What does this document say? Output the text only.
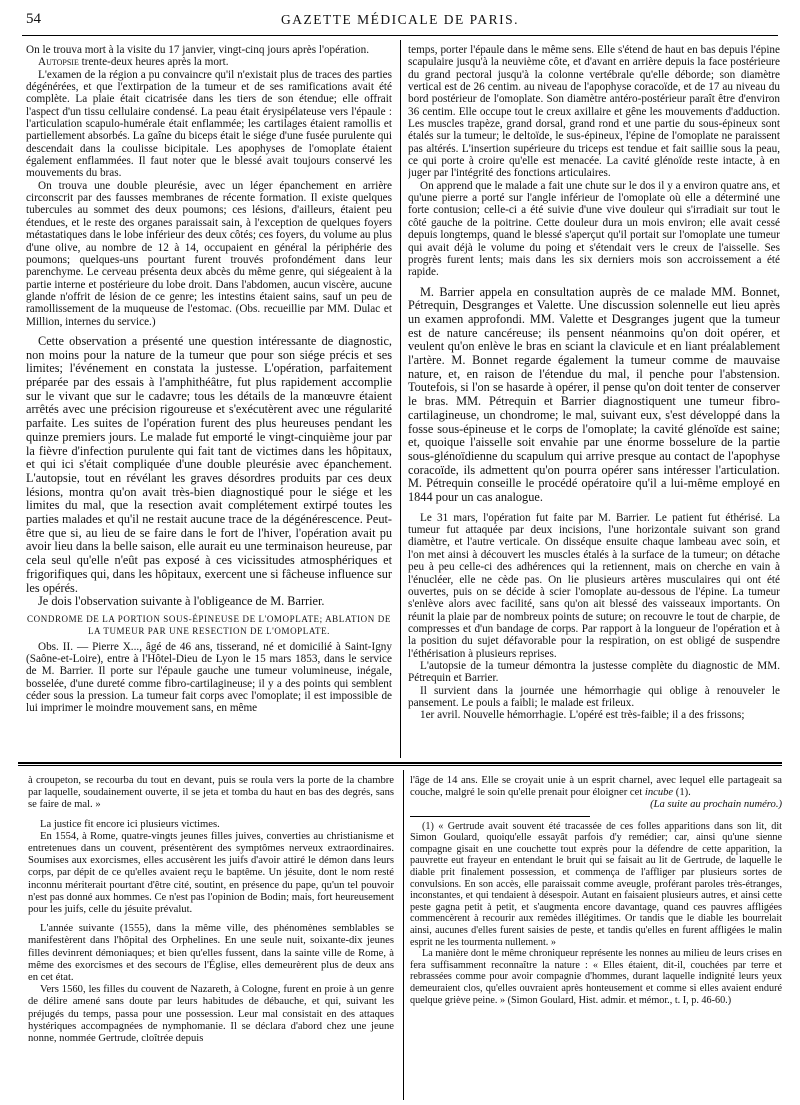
54	GAZETTE MÉDICALE DE PARIS.

On le trouva mort à la visite du 17 janvier, vingt-cinq jours après l'opération.

Autopsie trente-deux heures après la mort.

L'examen de la région a pu convaincre qu'il n'existait plus de traces des parties dégénérées, et que l'extirpation de la tumeur et de ses ramifications avait été complète. La plaie était cicatrisée dans les tiers de son étendue; elle offrait l'aspect d'un tissu cellulaire condensé. La peau était érysipélateuse vers l'épaule : l'articulation scapulo-humérale était enflammée; les cartilages étaient ramollis et partiellement absorbés. La gaîne du biceps était le siége d'une fusée purulente qui descendait dans la coulisse bicipitale. Les apophyses de l'omoplate étaient également enflammées. Il faut noter que le blessé avait toujours conservé les mouvements du bras.

On trouva une double pleurésie, avec un léger épanchement en arrière circonscrit par des fausses membranes de récente formation. Il existe quelques tubercules au sommet des deux poumons; ces lésions, d'ailleurs, étaient peu étendues, et le reste des organes paraissait sain, à l'exception de quelques foyers métastatiques dans le lobe inférieur des deux côtés; ces foyers, du volume au plus d'une olive, au nombre de 12 à 14, occupaient en général la périphérie des poumons; quelques-uns pourtant furent trouvés profondément dans leur parenchyme. Le cerveau présenta deux abcès du même genre, qui siégeaient à la partie interne et postérieure du lobe droit. Dans l'abdomen, aucun viscère, aucune glande n'offrit de lésion de ce genre; les intestins étaient sains, sauf un peu de ramollissement de la muqueuse de l'estomac. (Obs. recueillie par MM. Dulac et Million, internes du service.)

Cette observation a présenté une question intéressante de diagnostic, non moins pour la nature de la tumeur que pour son siége précis et ses limites; l'événement en constata la justesse. L'opération, parfaitement préparée par des essais à l'amphithéâtre, fut plus rapidement accomplie sur le vivant que sur le cadavre; tous les détails de la manœuvre étaient arrêtés avec une précision rigoureuse et s'exécutèrent avec une régularité parfaite. Les suites de l'opération furent des plus heureuses pendant les quinze premiers jours. Le malade fut emporté le vingt-cinquième jour par la fièvre d'infection purulente qui fait tant de victimes dans les hôpitaux, et qui ici s'était compliquée d'une double pleurésie avec épanchement. L'autopsie, tout en révélant les graves désordres produits par ces deux lésions, montra qu'on avait très-bien diagnostiqué pour le siége et les limites du mal, que la resection avait complétement extirpé toutes les parties malades et qu'il ne restait aucune trace de la dégénérescence. Peut-être que si, au lieu de se faire dans le fort de l'hiver, l'opération avait pu avoir lieu dans la belle saison, elle aurait eu une terminaison heureuse, par cela seul qu'elle n'eût pas exposé à ces vicissitudes atmosphériques et frigorifiques qui, dans les hôpitaux, exercent une si fâcheuse influence sur les opérés.

Je dois l'observation suivante à l'obligeance de M. Barrier.

CONDROME DE LA PORTION SOUS-ÉPINEUSE DE L'OMOPLATE; ABLATION DE LA TUMEUR PAR UNE RESECTION DE L'OMOPLATE.

Obs. II. — Pierre X..., âgé de 46 ans, tisserand, né et domicilié à Saint-Igny (Saône-et-Loire), entre à l'Hôtel-Dieu de Lyon le 15 mars 1853, dans le service de M. Barrier. Il porte sur l'épaule gauche une tumeur volumineuse, inégale, bosselée, d'une dureté comme fibro-cartilagineuse; il y a des points qui semblent céder sous la pression. La tumeur fait corps avec l'omoplate; il est impossible de lui imprimer le moindre mouvement sans, en même

temps, porter l'épaule dans le même sens. Elle s'étend de haut en bas depuis l'épine scapulaire jusqu'à la neuvième côte, et d'avant en arrière depuis la face postérieure du grand pectoral jusqu'à la colonne vertébrale qu'elle déborde; son diamètre vertical est de 26 centim. au niveau de l'apophyse coracoïde, et de 17 au niveau du bord postérieur de l'omoplate. Son diamètre antéro-postérieur paraît être d'environ 36 centim. Elle occupe tout le creux axillaire et gêne les mouvements d'adduction. Les muscles trapèze, grand dorsal, grand rond et une partie du sous-épineux sont étalés sur la tumeur; le deltoïde, le sus-épineux, l'épine de l'omoplate ne paraissent pas altérés. L'insertion supérieure du triceps est tendue et fait saillie sous la peau, ce qui porte à croire qu'elle est menacée. La cavité glénoïde reste intacte, à en juger par l'intégrité des fonctions articulaires.

On apprend que le malade a fait une chute sur le dos il y a environ quatre ans, et qu'une pierre a porté sur l'angle inférieur de l'omoplate où elle a déterminé une forte contusion; celle-ci a été suivie d'une vive douleur qui s'irradiait sur tout le côté gauche de la poitrine. Cette douleur dura un mois environ; elle avait cessé depuis longtemps, quand le blessé s'aperçut qu'il portait sur l'omoplate une tumeur qui avait déjà le volume du poing et s'étendait vers le creux de l'aisselle. Ses progrès furent lents; mais dans les six derniers mois son accroissement a été rapide.

M. Barrier appela en consultation auprès de ce malade MM. Bonnet, Pétrequin, Desgranges et Valette. Une discussion solennelle eut lieu après un examen approfondi. MM. Valette et Desgranges jugent que la tumeur est de nature cancéreuse; ils pensent néanmoins qu'on doit opérer, et veulent qu'on enlève le bras en sciant la clavicule et en liant préalablement l'artère. M. Bonnet regarde également la tumeur comme de mauvaise nature, et, en raison de l'étendue du mal, il penche pour l'abstension. Toutefois, si l'on se hasarde à opérer, il pense qu'on doit tenter de conserver le bras. MM. Pétrequin et Barrier diagnostiquent une tumeur fibro-cartilagineuse, un chondrome; le mal, suivant eux, s'est développé dans la fosse sous-épineuse et le corps de l'omoplate; la cavité glénoïde est saine; et, quoique l'aisselle soit envahie par une énorme bosselure de la partie sous-glénoïdienne du scapulum qui arrive presque au contact de l'apophyse coracoïde, ils admettent qu'on pourra opérer sans intéresser l'articulation. M. Pétrequin conseille le procédé opératoire qu'il a lui-même employé en 1844 pour un cas analogue.

Le 31 mars, l'opération fut faite par M. Barrier. Le patient fut éthérisé. La tumeur fut attaquée par deux incisions, l'une horizontale suivant son grand diamètre, et l'autre verticale. On disséque ensuite chaque lambeau avec soin, et l'on met ainsi à découvert les muscles étalés à la surface de la tumeur; on détache peu à peu celle-ci des adhérences qui la retiennent, mais on cherche en vain à l'énucléer, elle ne cède pas. On lie plusieurs artères musculaires qui ont été ouvertes, puis on se décide à scier l'omoplate au-dessous de l'épine. La tumeur s'enlève alors avec facilité, sans qu'on ait blessé des vaisseaux importants. On réunit la plaie par de nombreux points de suture; on recouvre le tout de charpie, de compresses et d'un bandage de corps. Par rapport à la longueur de l'opération et à la position du sujet défavorable pour la respiration, on est obligé de suspendre l'éthérisation à plusieurs reprises.

L'autopsie de la tumeur démontra la justesse complète du diagnostic de MM. Pétrequin et Barrier.

Il survient dans la journée une hémorrhagie qui oblige à renouveler le pansement. Le pouls a faibli; le malade est frileux.

1er avril. Nouvelle hémorrhagie. L'opéré est très-faible; il a des frissons;

à croupeton, se recourba du tout en devant, puis se roula vers la porte de la chambre par laquelle, soudainement ouverte, il se jeta et tomba du haut en bas des degrés, sans se faire de mal. »

La justice fit encore ici plusieurs victimes.

En 1554, à Rome, quatre-vingts jeunes filles juives, converties au christianisme et entretenues dans un couvent, présentèrent des symptômes nerveux extraordinaires. Soumises aux exorcismes, elles accusèrent les juifs d'avoir attiré le démon dans leurs corps, par dépit de ce qu'elles avaient reçu le baptême. Un jésuite, dont le nom resté inconnu mériterait pourtant d'être cité, soutint, en présence du pape, qu'un tel pouvoir n'est pas donné aux hommes. Ce n'est pas l'opinion de Bodin; mais, fort heureusement pour les juifs, celle du jésuite prévalut.

L'année suivante (1555), dans la même ville, des phénomènes semblables se manifestèrent dans l'hôpital des Orphelines. En une seule nuit, soixante-dix jeunes filles devinrent démoniaques; et bien qu'elles fussent, dans la sainte ville de Rome, à même des exorcismes et des secours de l'Église, elles demeurèrent plus de deux ans en cet état.

Vers 1560, les filles du couvent de Nazareth, à Cologne, furent en proie à un genre de délire amené sans doute par leurs habitudes de débauche, et qui, suivant les préjugés du temps, passa pour une possession. Leur mal consistait en des attaques hystériques accompagnées de nymphomanie. Il se déclara d'abord chez une jeune nonne, nommée Gertrude, cloîtrée depuis

l'âge de 14 ans. Elle se croyait unie à un esprit charnel, avec lequel elle partageait sa couche, malgré le soin qu'elle prenait pour éloigner cet incube (1).

(La suite au prochain numéro.)

(1) « Gertrude avait souvent été tracassée de ces folles apparitions dans son lit, dit Simon Goulard, quoiqu'elle essayât parfois d'y remédier; car, ainsi qu'une sienne compagne gisait en une couchette tout exprès pour la défendre de cette apparition, la pauvrette eut frayeur en entendant le bruit qui se faisait au lit de Gertrude, de laquelle le diable prit finalement possession, et commença de l'affliger par plusieurs sortes de convulsions. En son accès, elle paraissait comme aveugle, proférant paroles très-étranges, inconstantes, et qui tendaient à désespoir. Autant en faisaient plusieurs autres, et ainsi cette peste gagna petit à petit, et s'augmenta encore davantage, quand ces pauvres affligées commencèrent à recourir aux remèdes illégitimes. Or tandis que le diable les bourrelait ainsi, aucunes d'elles furent saisies de peste, et tandis qu'elles en furent affligées le malin esprit ne les tourmenta nullement. »

La manière dont le même chroniqueur représente les nonnes au milieu de leurs crises en fera suffisamment reconnaître la nature : « Elles étaient, dit-il, couchées par terre et rebrassées comme pour avoir compagnie d'hommes, durant laquelle indignité leurs yeux demeuraient clos, qu'elles ouvraient après honteusement et comme si elles avaient enduré quelque griève peine. » (Simon Goulard, Hist. admir. et mémor., t. I, p. 46-60.)
